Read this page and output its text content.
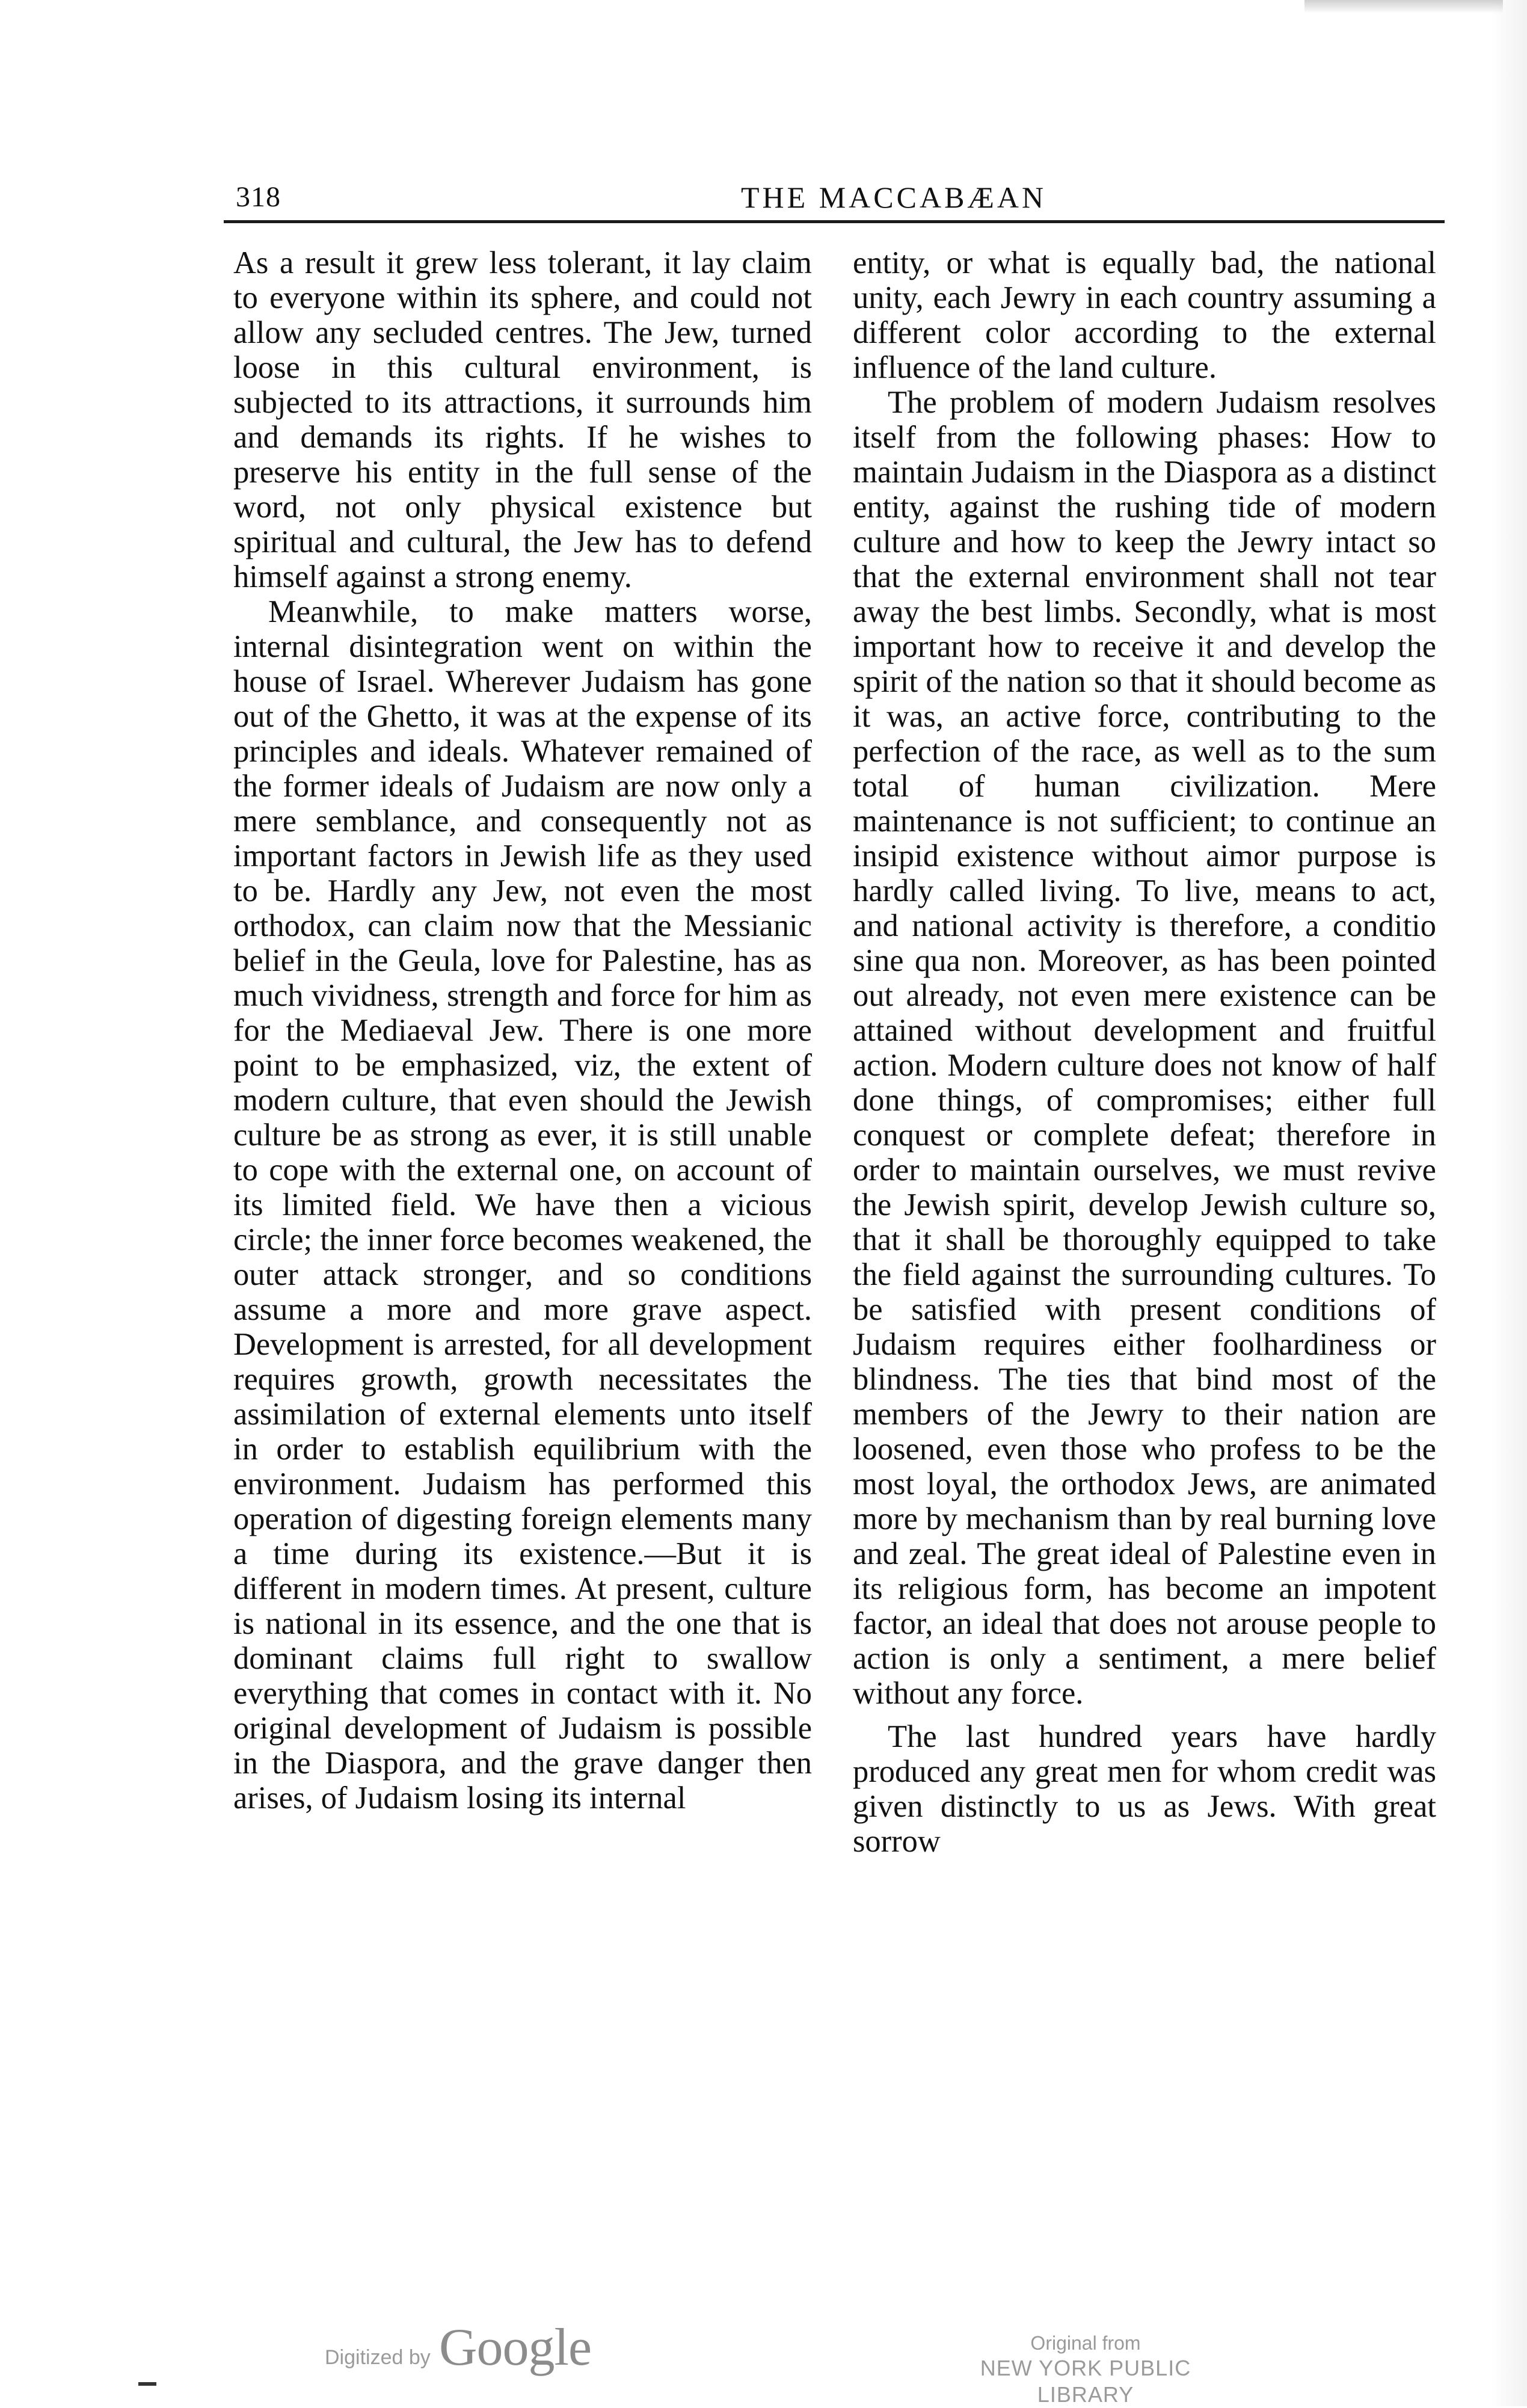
318	THE MACCABÆAN

As a result it grew less tolerant, it lay claim to everyone within its sphere, and could not allow any secluded centres. The Jew, turned loose in this cultural environment, is subjected to its attractions, it surrounds him and demands its rights. If he wishes to preserve his entity in the full sense of the word, not only physical existence but spiritual and cultural, the Jew has to defend himself against a strong enemy.

Meanwhile, to make matters worse, internal disintegration went on within the house of Israel. Wherever Judaism has gone out of the Ghetto, it was at the expense of its principles and ideals. Whatever remained of the former ideals of Judaism are now only a mere semblance, and consequently not as important factors in Jewish life as they used to be. Hardly any Jew, not even the most orthodox, can claim now that the Messianic belief in the Geula, love for Palestine, has as much vividness, strength and force for him as for the Mediaeval Jew. There is one more point to be emphasized, viz, the extent of modern culture, that even should the Jewish culture be as strong as ever, it is still unable to cope with the external one, on account of its limited field. We have then a vicious circle; the inner force becomes weakened, the outer attack stronger, and so conditions assume a more and more grave aspect. Development is arrested, for all development requires growth, growth necessitates the assimilation of external elements unto itself in order to establish equilibrium with the environment. Judaism has performed this operation of digesting foreign elements many a time during its existence.—But it is different in modern times. At present, culture is national in its essence, and the one that is dominant claims full right to swallow everything that comes in contact with it. No original development of Judaism is possible in the Diaspora, and the grave danger then arises, of Judaism losing its internal

entity, or what is equally bad, the national unity, each Jewry in each country assuming a different color according to the external influence of the land culture.

The problem of modern Judaism resolves itself from the following phases: How to maintain Judaism in the Diaspora as a distinct entity, against the rushing tide of modern culture and how to keep the Jewry intact so that the external environment shall not tear away the best limbs. Secondly, what is most important how to receive it and develop the spirit of the nation so that it should become as it was, an active force, contributing to the perfection of the race, as well as to the sum total of human civilization. Mere maintenance is not sufficient; to continue an insipid existence without aimor purpose is hardly called living. To live, means to act, and national activity is therefore, a conditio sine qua non. Moreover, as has been pointed out already, not even mere existence can be attained without development and fruitful action. Modern culture does not know of half done things, of compromises; either full conquest or complete defeat; therefore in order to maintain ourselves, we must revive the Jewish spirit, develop Jewish culture so, that it shall be thoroughly equipped to take the field against the surrounding cultures. To be satisfied with present conditions of Judaism requires either foolhardiness or blindness. The ties that bind most of the members of the Jewry to their nation are loosened, even those who profess to be the most loyal, the orthodox Jews, are animated more by mechanism than by real burning love and zeal. The great ideal of Palestine even in its religious form, has become an impotent factor, an ideal that does not arouse people to action is only a sentiment, a mere belief without any force.

The last hundred years have hardly produced any great men for whom credit was given distinctly to us as Jews. With great sorrow

Digitized by Google	Original from
NEW YORK PUBLIC LIBRARY
